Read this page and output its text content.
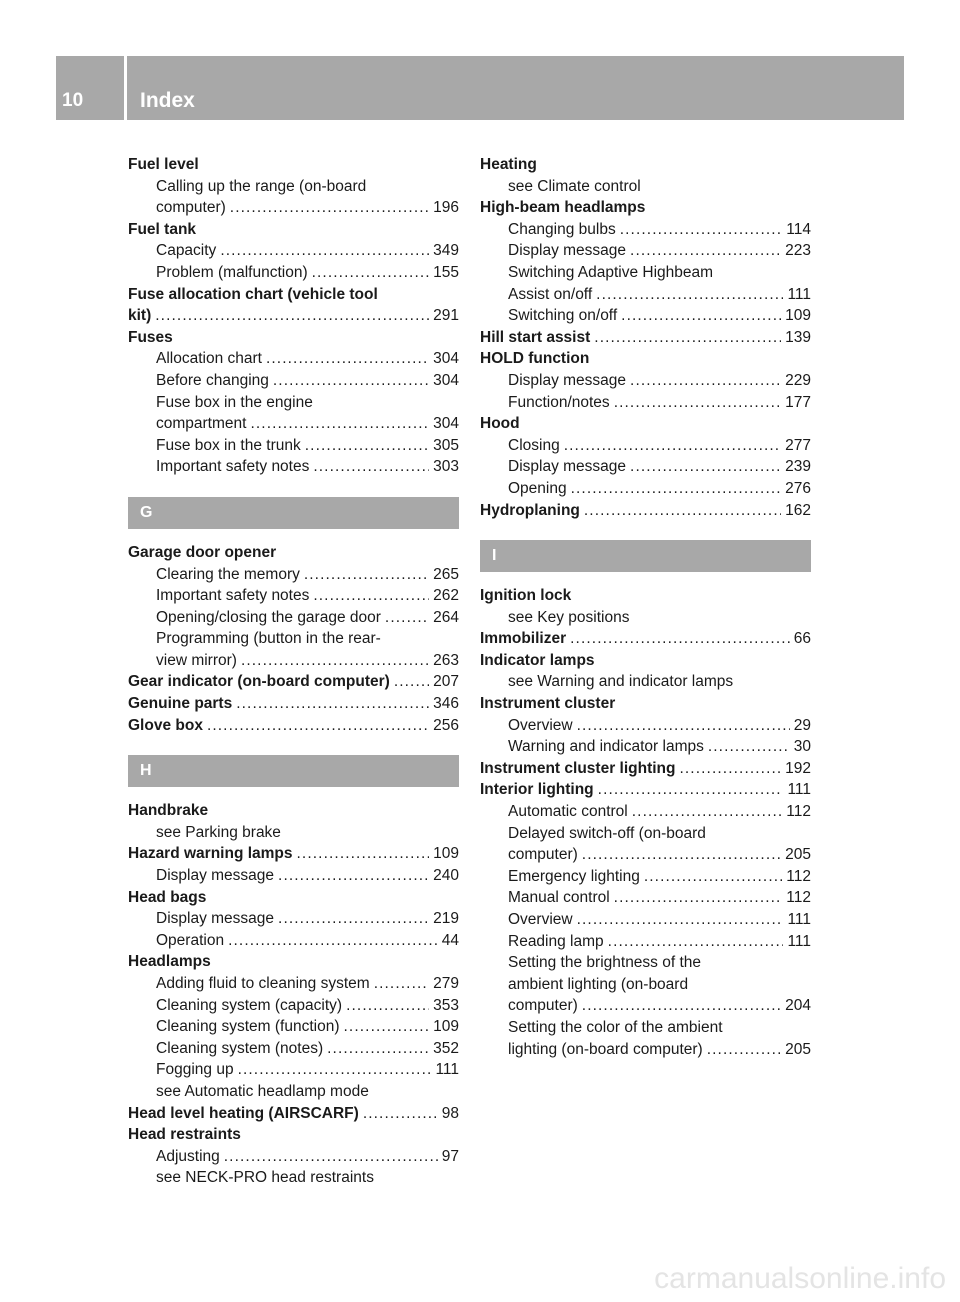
10	Index
Fuel level
Calling up the range (on-board
computer) . . .	196
Fuel tank
Capacity . . .	349
Problem (malfunction) . . .	155
Fuse allocation chart (vehicle tool
kit) . . .	291
Fuses
Allocation chart . . .	304
Before changing . . .	304
Fuse box in the engine
compartment . . .	304
Fuse box in the trunk . . .	305
Important safety notes . . .	303
G
Garage door opener
Clearing the memory . . .	265
Important safety notes . . .	262
Opening/closing the garage door . . .	264
Programming (button in the rear-
view mirror) . . .	263
Gear indicator (on-board computer) . . .	207
Genuine parts . . .	346
Glove box . . .	256
H
Handbrake
see Parking brake
Hazard warning lamps . . .	109
Display message . . .	240
Head bags
Display message . . .	219
Operation . . .	44
Headlamps
Adding fluid to cleaning system . . .	279
Cleaning system (capacity) . . .	353
Cleaning system (function) . . .	109
Cleaning system (notes) . . .	352
Fogging up . . .	111
see Automatic headlamp mode
Head level heating (AIRSCARF) . . .	98
Head restraints
Adjusting . . .	97
see NECK-PRO head restraints
Heating
see Climate control
High-beam headlamps
Changing bulbs . . .	114
Display message . . .	223
Switching Adaptive Highbeam
Assist on/off . . .	111
Switching on/off . . .	109
Hill start assist . . .	139
HOLD function
Display message . . .	229
Function/notes . . .	177
Hood
Closing . . .	277
Display message . . .	239
Opening . . .	276
Hydroplaning . . .	162
I
Ignition lock
see Key positions
Immobilizer . . .	66
Indicator lamps
see Warning and indicator lamps
Instrument cluster
Overview . . .	29
Warning and indicator lamps . . .	30
Instrument cluster lighting . . .	192
Interior lighting . . .	111
Automatic control . . .	112
Delayed switch-off (on-board
computer) . . .	205
Emergency lighting . . .	112
Manual control . . .	112
Overview . . .	111
Reading lamp . . .	111
Setting the brightness of the
ambient lighting (on-board
computer) . . .	204
Setting the color of the ambient
lighting (on-board computer) . . .	205
carmanualsonline.info
